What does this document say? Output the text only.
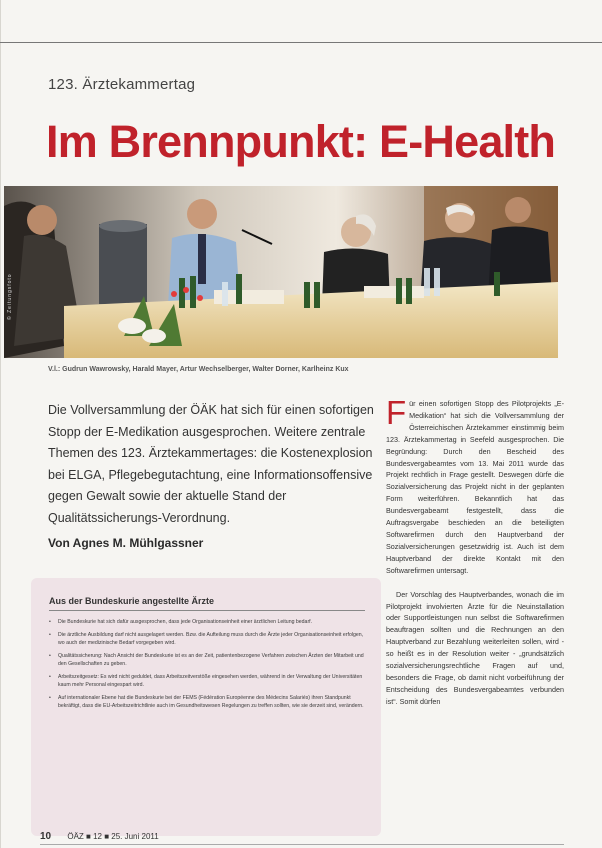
123. Ärztekammertag
Im Brennpunkt: E-Health
© Zeitungsfoto
V.l.: Gudrun Wawrowsky, Harald Mayer, Artur Wechselberger, Walter Dorner, Karlheinz Kux

Die Vollversammlung der ÖÄK hat sich für einen sofortigen Stopp der E-Medikation ausgesprochen. Weitere zentrale Themen des 123. Ärztekammertages: die Kostenexplosion bei ELGA, Pflegebegutachtung, eine Informationsoffensive gegen Gewalt sowie der aktuelle Stand der Qualitätssicherungs-Verordnung.

Von Agnes M. Mühlgassner
Aus der Bundeskurie angestellte Ärzte
• Die Bundeskurie hat sich dafür ausgesprochen, dass jede Organisationseinheit einer ärztlichen Leitung bedarf.
• Die ärztliche Ausbildung darf nicht ausgelagert werden. Bzw. die Aufteilung muss durch die Ärzte jeder Organisationseinheit erfolgen, wo auch der medizinische Bedarf vorgegeben wird.
• Qualitätssicherung: Nach Ansicht der Bundeskurie ist es an der Zeit, patientenbezogene Verfahren zwischen Ärzten der Mitarbeit und den Gesellschaften zu geben.
• Arbeitszeitgesetz: Es wird nicht geduldet, dass Arbeitszeitverstöße eingesehen werden, während in der Verwaltung der Universitäten kaum mehr Personal eingespart wird.
• Auf internationaler Ebene hat die Bundeskurie bei der FEMS (Fédération Européenne des Médecins Salariés) ihren Standpunkt bekräftigt, dass die EU-Arbeitszeitrichtlinie auch im Gesundheitswesen Regelungen zu treffen sollten, wie sie derzeit sind, verändern.

Für einen sofortigen Stopp des Pilotprojekts „E-Medikation“ hat sich die Vollversammlung der Österreichischen Ärztekammer einstimmig beim 123. Ärztekammertag in Seefeld ausgesprochen. Die Begründung: Durch den Bescheid des Bundesvergabeamtes vom 13. Mai 2011 wurde das Projekt rechtlich in Frage gestellt. Deswegen dürfe die Sozialversicherung das Projekt nicht in der geplanten Form weiterführen. Bekanntlich hat das Bundesvergabeamt festgestellt, dass die Auftragsvergabe beschieden an die beteiligten Softwarefirmen durch den Hauptverband der Sozialversicherungen gesetzwidrig ist. Auch ist dem Hauptverband der direkte Kontakt mit den Softwarefirmen untersagt.

Der Vorschlag des Hauptverbandes, wonach die im Pilotprojekt involvierten Ärzte für die Neuinstallation oder Supportleistungen nun selbst die Softwarefirmen beauftragen sollten und die Rechnungen an den Hauptverband zur Bezahlung weiterleiten sollen, wird - so heißt es in der Resolution weiter - „grundsätzlich sozialversicherungsrechtliche Fragen auf und, besonders die Frage, ob damit nicht vorbeiführung der Entscheidung des Bundesvergabeamtes verbunden ist“. Somit dürfen

10 ÖÄZ ■ 12 ■ 25. Juni 2011
